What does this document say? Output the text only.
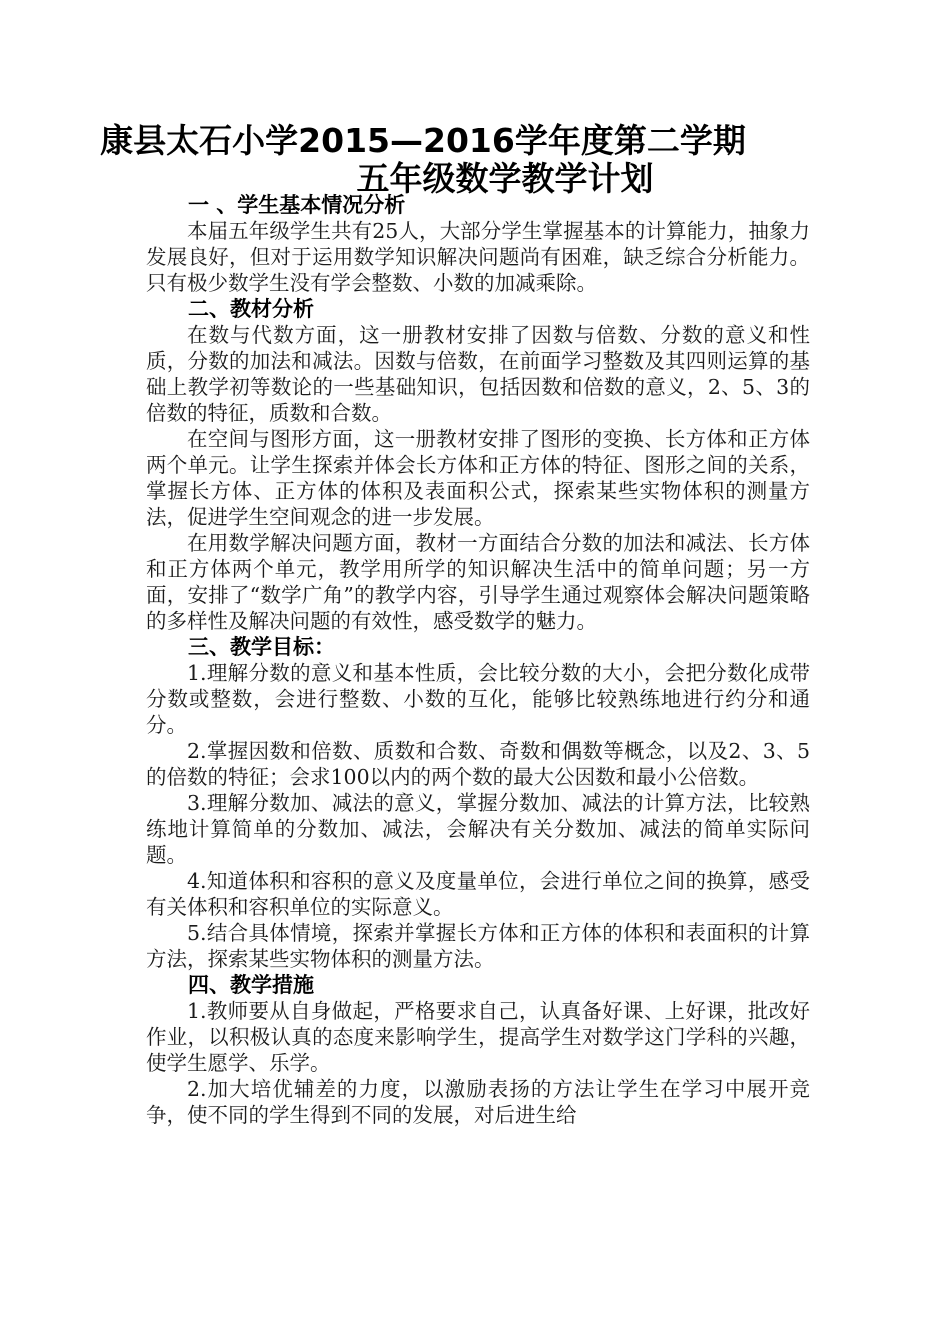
康县太石小学2015—2016学年度第二学期
五年级数学教学计划
一 、学生基本情况分析

本届五年级学生共有25人，大部分学生掌握基本的计算能力，抽象力发展良好，但对于运用数学知识解决问题尚有困难，缺乏综合分析能力。只有极少数学生没有学会整数、小数的加减乘除。

二、教材分析

在数与代数方面，这一册教材安排了因数与倍数、分数的意义和性质，分数的加法和减法。因数与倍数，在前面学习整数及其四则运算的基础上教学初等数论的一些基础知识，包括因数和倍数的意义，2、5、3的倍数的特征，质数和合数。

在空间与图形方面，这一册教材安排了图形的变换、长方体和正方体两个单元。让学生探索并体会长方体和正方体的特征、图形之间的关系，掌握长方体、正方体的体积及表面积公式，探索某些实物体积的测量方法，促进学生空间观念的进一步发展。

在用数学解决问题方面，教材一方面结合分数的加法和减法、长方体和正方体两个单元，教学用所学的知识解决生活中的简单问题；另一方面，安排了“数学广角”的教学内容，引导学生通过观察体会解决问题策略的多样性及解决问题的有效性，感受数学的魅力。

三、教学目标：

1.理解分数的意义和基本性质，会比较分数的大小，会把分数化成带分数或整数，会进行整数、小数的互化，能够比较熟练地进行约分和通分。

2.掌握因数和倍数、质数和合数、奇数和偶数等概念，以及2、3、5的倍数的特征；会求100以内的两个数的最大公因数和最小公倍数。

3.理解分数加、减法的意义，掌握分数加、减法的计算方法，比较熟练地计算简单的分数加、减法，会解决有关分数加、减法的简单实际问题。

4.知道体积和容积的意义及度量单位，会进行单位之间的换算，感受有关体积和容积单位的实际意义。

5.结合具体情境，探索并掌握长方体和正方体的体积和表面积的计算方法，探索某些实物体积的测量方法。

四、教学措施

1.教师要从自身做起，严格要求自己，认真备好课、上好课，批改好作业，以积极认真的态度来影响学生，提高学生对数学这门学科的兴趣，使学生愿学、乐学。

2.加大培优辅差的力度，以激励表扬的方法让学生在学习中展开竞争，使不同的学生得到不同的发展，对后进生给
